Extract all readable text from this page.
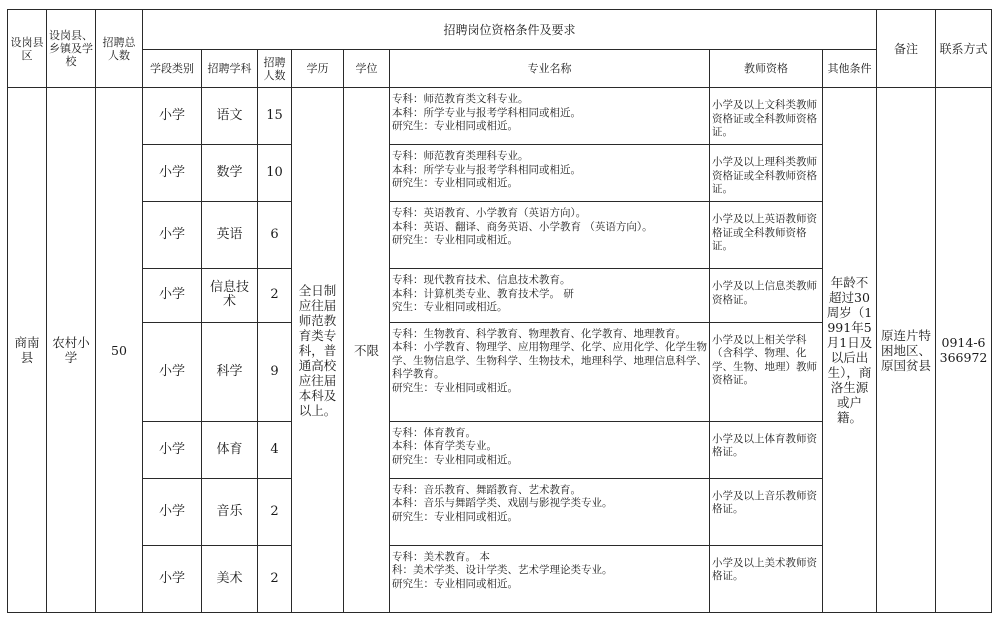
设岗县区	设岗县、乡镇及学校	招聘总人数	招聘岗位资格条件及要求								备注	联系方式
			学段类别	招聘学科	招聘人数	学历	学位	专业名称	教师资格	其他条件		
商南县	农村小学	50	小学	语文	15	全日制应往届师范教育类专科，普通高校应往届本科及以上。	不限	专科：师范教育类文科专业。
本科：所学专业与报考学科相同或相近。
研究生：专业相同或相近。	小学及以上文科类教师资格证或全科教师资格证。	年龄不超过30周岁（1991年5月1日及以后出生），商洛生源或户籍。	原连片特困地区、原国贫县	0914-6366972
			小学	数学	10			专科：师范教育类理科专业。
本科：所学专业与报考学科相同或相近。
研究生：专业相同或相近。	小学及以上理科类教师资格证或全科教师资格证。			
			小学	英语	6			专科：英语教育、小学教育（英语方向）。
本科：英语、翻译、商务英语、小学教育 （英语方向）。
研究生：专业相同或相近。	小学及以上英语教师资格证或全科教师资格证。			
			小学	信息技术	2			专科：现代教育技术、信息技术教育。
本科：计算机类专业、教育技术学。 研
究生：专业相同或相近。	小学及以上信息类教师资格证。			
			小学	科学	9			专科：生物教育、科学教育、物理教育、化学教育、地理教育。
本科：小学教育、物理学、应用物理学、化学、应用化学、化学生物学、生物信息学、生物科学、生物技术，地理科学、地理信息科学、科学教育。
研究生：专业相同或相近。	小学及以上相关学科（含科学、物理、化学、生物、地理）教师资格证。			
			小学	体育	4			专科：体育教育。
本科：体育学类专业。
研究生：专业相同或相近。	小学及以上体育教师资格证。			
			小学	音乐	2			专科：音乐教育、舞蹈教育、艺术教育。
本科：音乐与舞蹈学类、戏剧与影视学类专业。
研究生：专业相同或相近。	小学及以上音乐教师资格证。			
			小学	美术	2			专科：美术教育。 本
科：美术学类、设计学类、艺术学理论类专业。
研究生：专业相同或相近。	小学及以上美术教师资格证。			
